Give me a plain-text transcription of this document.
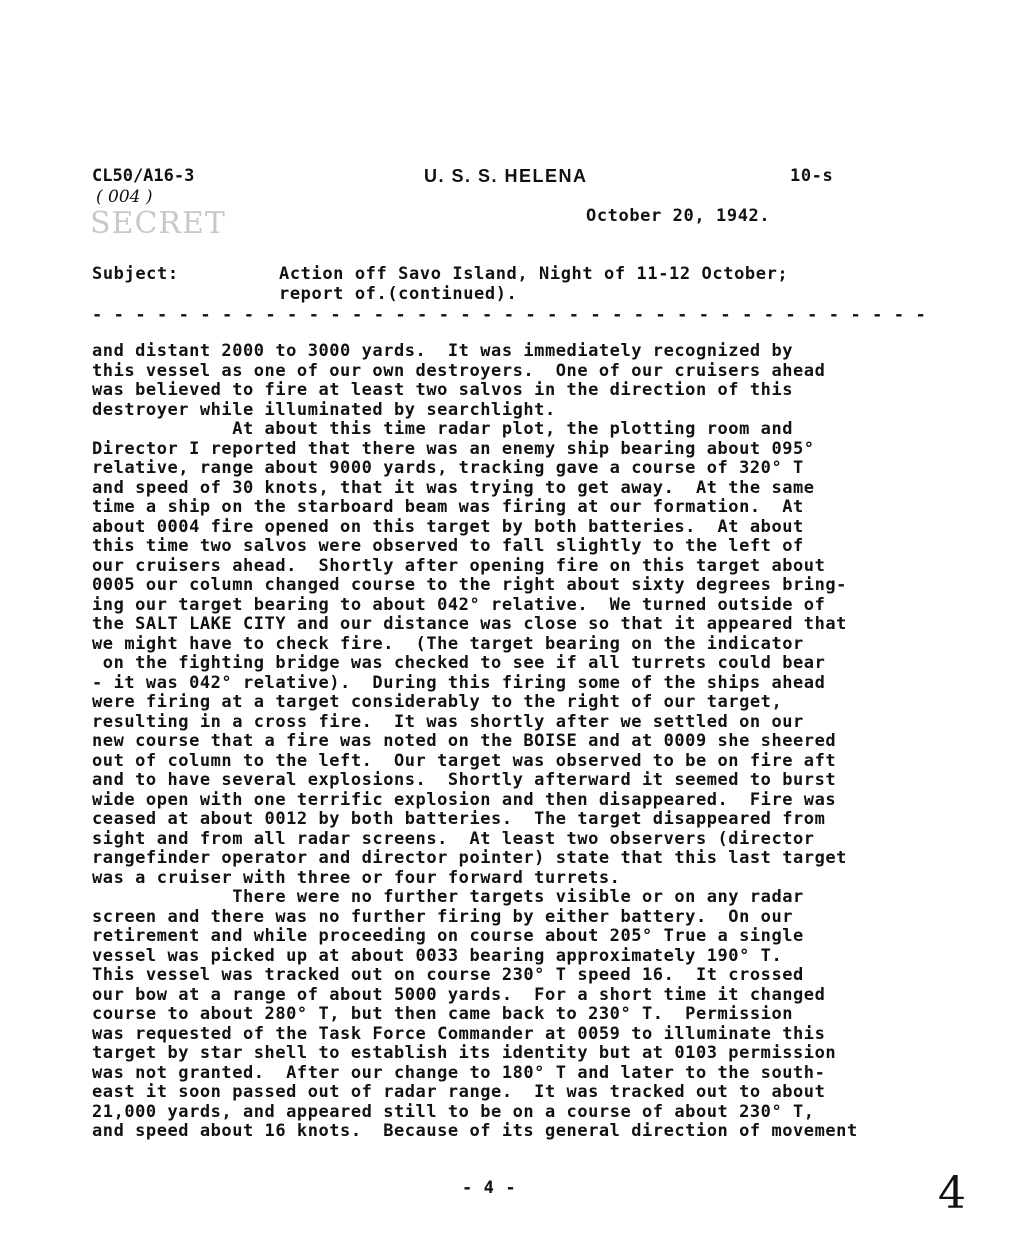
CL50/A16-3
( 004 )
SECRET
U. S. S. HELENA	10-s
October 20, 1942.
Subject:	Action off Savo Island, Night of 11-12 October;
report of.(continued).
- - - - - - - - - - - - - - - - - - - - - - - - - - - - - - - - - - - - - - -
and distant 2000 to 3000 yards.  It was immediately recognized by
this vessel as one of our own destroyers.  One of our cruisers ahead
was believed to fire at least two salvos in the direction of this
destroyer while illuminated by searchlight.
At about this time radar plot, the plotting room and
Director I reported that there was an enemy ship bearing about 095°
relative, range about 9000 yards, tracking gave a course of 320° T
and speed of 30 knots, that it was trying to get away.  At the same
time a ship on the starboard beam was firing at our formation.  At
about 0004 fire opened on this target by both batteries.  At about
this time two salvos were observed to fall slightly to the left of
our cruisers ahead.  Shortly after opening fire on this target about
0005 our column changed course to the right about sixty degrees bring-
ing our target bearing to about 042° relative.  We turned outside of
the SALT LAKE CITY and our distance was close so that it appeared that
we might have to check fire.  (The target bearing on the indicator
on the fighting bridge was checked to see if all turrets could bear
- it was 042° relative).  During this firing some of the ships ahead
were firing at a target considerably to the right of our target,
resulting in a cross fire.  It was shortly after we settled on our
new course that a fire was noted on the BOISE and at 0009 she sheered
out of column to the left.  Our target was observed to be on fire aft
and to have several explosions.  Shortly afterward it seemed to burst
wide open with one terrific explosion and then disappeared.  Fire was
ceased at about 0012 by both batteries.  The target disappeared from
sight and from all radar screens.  At least two observers (director
rangefinder operator and director pointer) state that this last target
was a cruiser with three or four forward turrets.
There were no further targets visible or on any radar
screen and there was no further firing by either battery.  On our
retirement and while proceeding on course about 205° True a single
vessel was picked up at about 0033 bearing approximately 190° T.
This vessel was tracked out on course 230° T speed 16.  It crossed
our bow at a range of about 5000 yards.  For a short time it changed
course to about 280° T, but then came back to 230° T.  Permission
was requested of the Task Force Commander at 0059 to illuminate this
target by star shell to establish its identity but at 0103 permission
was not granted.  After our change to 180° T and later to the south-
east it soon passed out of radar range.  It was tracked out to about
21,000 yards, and appeared still to be on a course of about 230° T,
and speed about 16 knots.  Because of its general direction of movement
- 4 -	4
